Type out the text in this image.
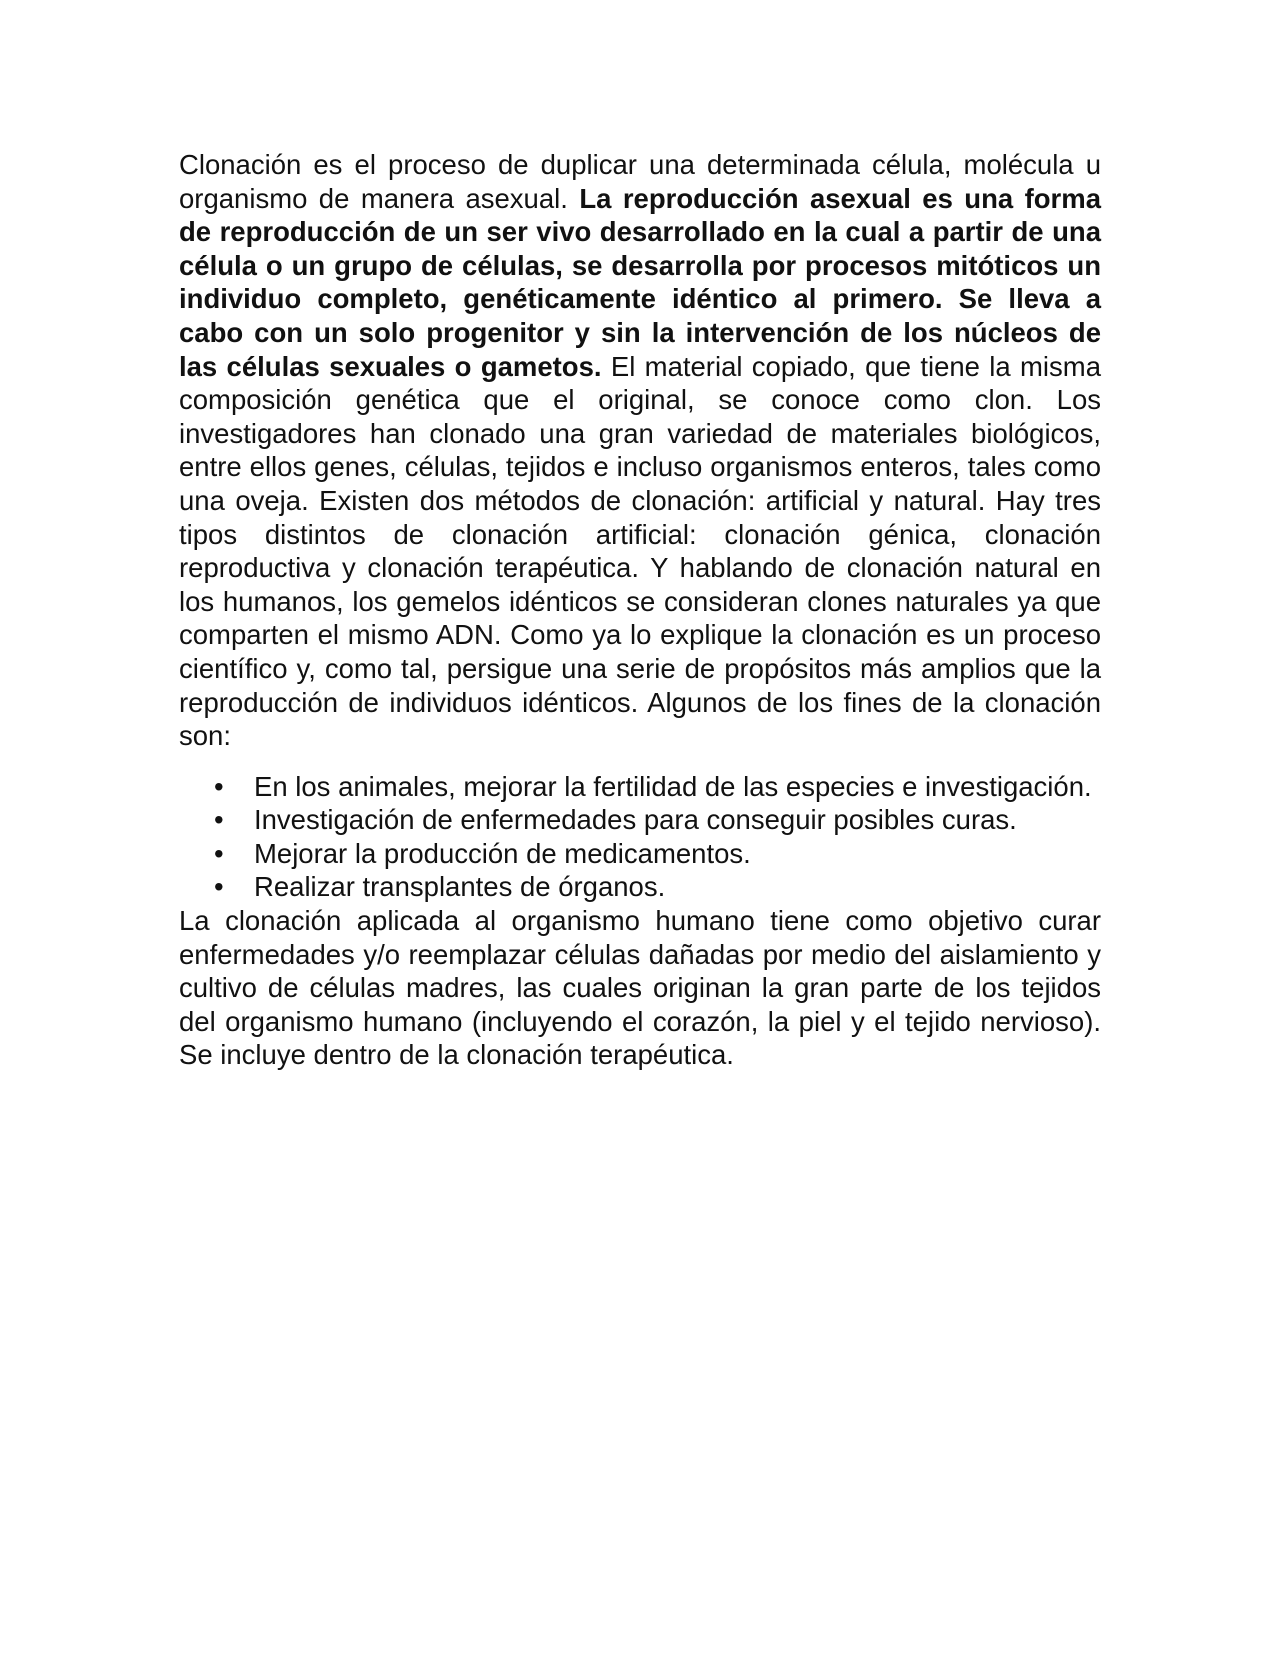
Clonación es el proceso de duplicar una determinada célula, molécula u organismo de manera asexual. La reproducción asexual es una forma de reproducción de un ser vivo desarrollado en la cual a partir de una célula o un grupo de células, se desarrolla por procesos mitóticos un individuo completo, genéticamente idéntico al primero. Se lleva a cabo con un solo progenitor y sin la intervención de los núcleos de las células sexuales o gametos. El material copiado, que tiene la misma composición genética que el original, se conoce como clon. Los investigadores han clonado una gran variedad de materiales biológicos, entre ellos genes, células, tejidos e incluso organismos enteros, tales como una oveja. Existen dos métodos de clonación: artificial y natural. Hay tres tipos distintos de clonación artificial: clonación génica, clonación reproductiva y clonación terapéutica. Y hablando de clonación natural en los humanos, los gemelos idénticos se consideran clones naturales ya que comparten el mismo ADN. Como ya lo explique la clonación es un proceso científico y, como tal, persigue una serie de propósitos más amplios que la reproducción de individuos idénticos. Algunos de los fines de la clonación son:

• En los animales, mejorar la fertilidad de las especies e investigación.
• Investigación de enfermedades para conseguir posibles curas.
• Mejorar la producción de medicamentos.
• Realizar transplantes de órganos.

La clonación aplicada al organismo humano tiene como objetivo curar enfermedades y/o reemplazar células dañadas por medio del aislamiento y cultivo de células madres, las cuales originan la gran parte de los tejidos del organismo humano (incluyendo el corazón, la piel y el tejido nervioso). Se incluye dentro de la clonación terapéutica.
